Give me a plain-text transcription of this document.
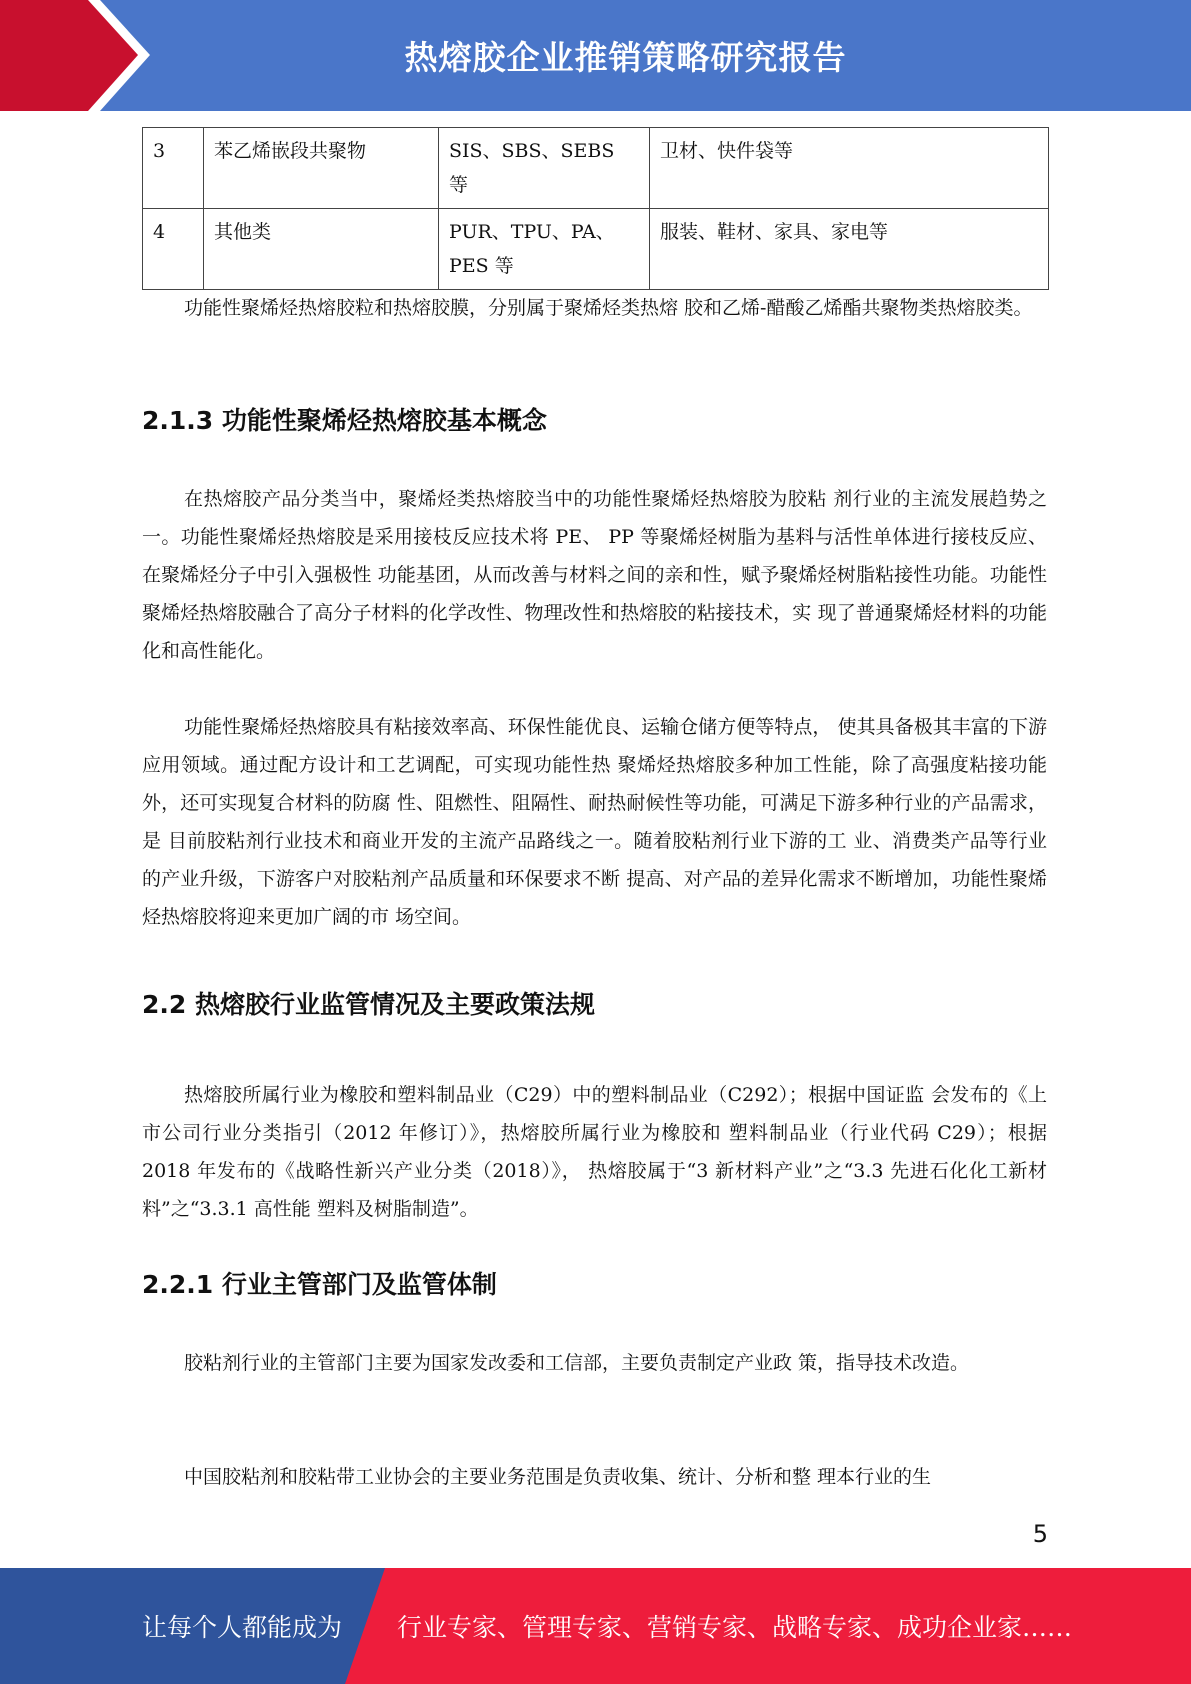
热熔胶企业推销策略研究报告
3	苯乙烯嵌段共聚物	SIS、SBS、SEBS 等	卫材、快件袋等
4	其他类	PUR、TPU、PA、PES 等	服装、鞋材、家具、家电等

功能性聚烯烃热熔胶粒和热熔胶膜，分别属于聚烯烃类热熔 胶和乙烯-醋酸乙烯酯共聚物类热熔胶类。

2.1.3 功能性聚烯烃热熔胶基本概念

在热熔胶产品分类当中，聚烯烃类热熔胶当中的功能性聚烯烃热熔胶为胶粘 剂行业的主流发展趋势之一。功能性聚烯烃热熔胶是采用接枝反应技术将 PE、 PP 等聚烯烃树脂为基料与活性单体进行接枝反应、在聚烯烃分子中引入强极性 功能基团，从而改善与材料之间的亲和性，赋予聚烯烃树脂粘接性功能。功能性 聚烯烃热熔胶融合了高分子材料的化学改性、物理改性和热熔胶的粘接技术，实 现了普通聚烯烃材料的功能化和高性能化。

功能性聚烯烃热熔胶具有粘接效率高、环保性能优良、运输仓储方便等特点， 使其具备极其丰富的下游应用领域。通过配方设计和工艺调配，可实现功能性热 聚烯烃热熔胶多种加工性能，除了高强度粘接功能外，还可实现复合材料的防腐 性、阻燃性、阻隔性、耐热耐候性等功能，可满足下游多种行业的产品需求，是 目前胶粘剂行业技术和商业开发的主流产品路线之一。随着胶粘剂行业下游的工 业、消费类产品等行业的产业升级，下游客户对胶粘剂产品质量和环保要求不断 提高、对产品的差异化需求不断增加，功能性聚烯烃热熔胶将迎来更加广阔的市 场空间。

2.2 热熔胶行业监管情况及主要政策法规

热熔胶所属行业为橡胶和塑料制品业（C29）中的塑料制品业（C292）；根据中国证监 会发布的《上市公司行业分类指引（2012 年修订）》，热熔胶所属行业为橡胶和 塑料制品业（行业代码 C29）；根据 2018 年发布的《战略性新兴产业分类（2018）》， 热熔胶属于“3 新材料产业”之“3.3 先进石化化工新材料”之“3.3.1 高性能 塑料及树脂制造”。

2.2.1 行业主管部门及监管体制

胶粘剂行业的主管部门主要为国家发改委和工信部，主要负责制定产业政 策，指导技术改造。

中国胶粘剂和胶粘带工业协会的主要业务范围是负责收集、统计、分析和整 理本行业的生

5
让每个人都能成为 行业专家、管理专家、营销专家、战略专家、成功企业家……
